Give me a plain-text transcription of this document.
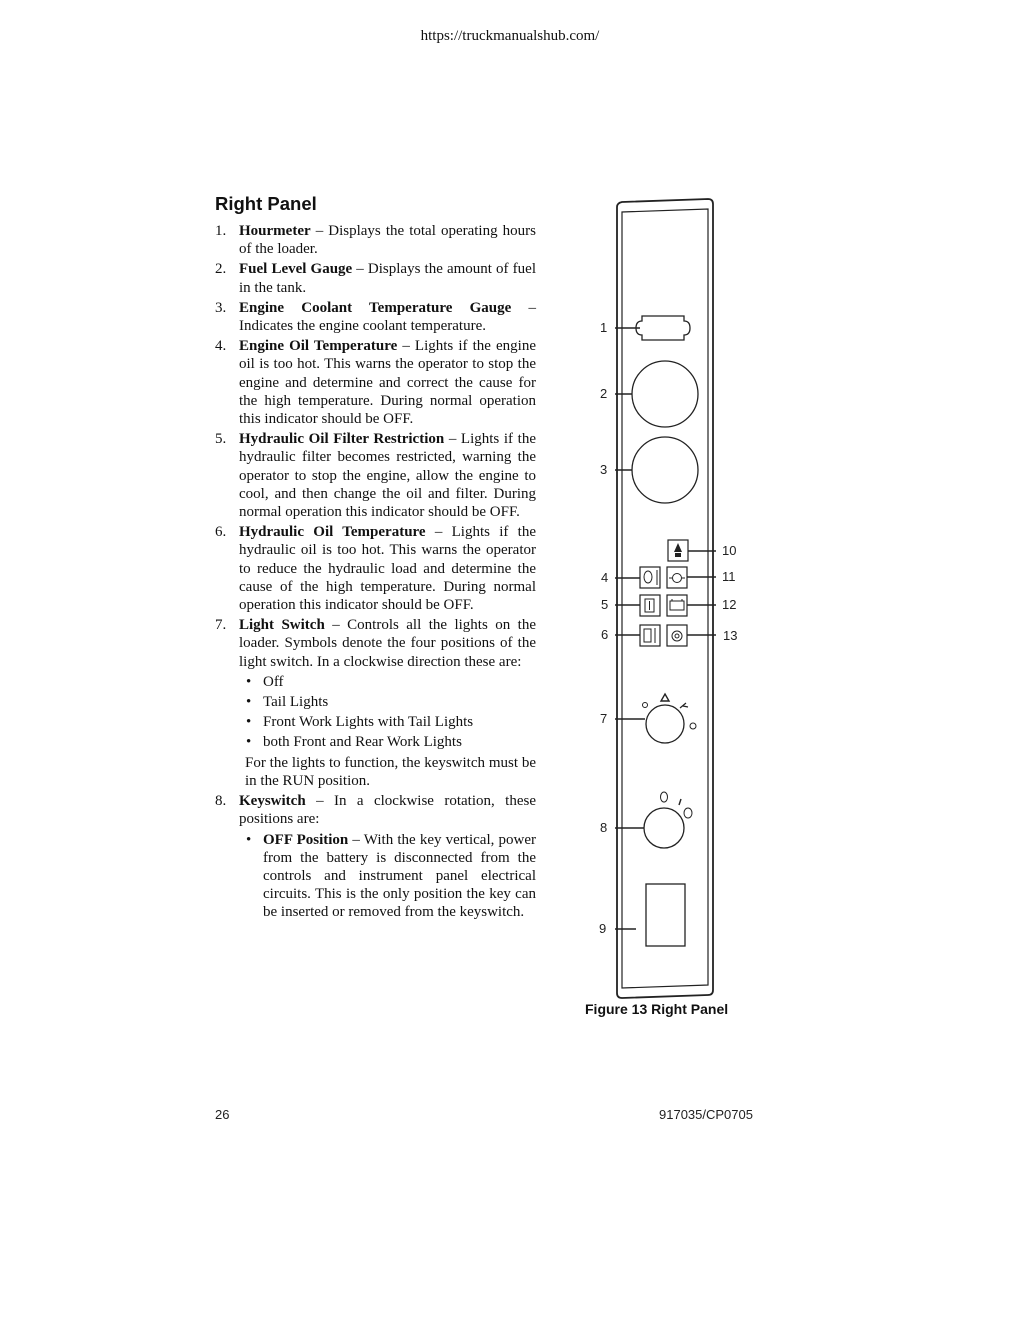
https://truckmanualshub.com/
Right Panel
1. Hourmeter – Displays the total operating hours of the loader.
2. Fuel Level Gauge – Displays the amount of fuel in the tank.
3. Engine Coolant Temperature Gauge – Indicates the engine coolant temperature.
4. Engine Oil Temperature – Lights if the engine oil is too hot. This warns the operator to stop the engine and determine and correct the cause for the high temperature. During normal operation this indicator should be OFF.
5. Hydraulic Oil Filter Restriction – Lights if the hydraulic filter becomes restricted, warning the operator to stop the engine, allow the engine to cool, and then change the oil and filter. During normal operation this indicator should be OFF.
6. Hydraulic Oil Temperature – Lights if the hydraulic oil is too hot. This warns the operator to reduce the hydraulic load and determine the cause of the high temperature. During normal operation this indicator should be OFF.
7. Light Switch – Controls all the lights on the loader. Symbols denote the four positions of the light switch. In a clockwise direction these are:
• Off
• Tail Lights
• Front Work Lights with Tail Lights
• both Front and Rear Work Lights
For the lights to function, the keyswitch must be in the RUN position.
8. Keyswitch – In a clockwise rotation, these positions are:
• OFF Position – With the key vertical, power from the battery is disconnected from the controls and instrument panel electrical circuits. This is the only position the key can be inserted or removed from the keyswitch.
1
2
3
4
5
6
7
8
9
10
11
12
13
Figure 13 Right Panel
26	917035/CP0705
